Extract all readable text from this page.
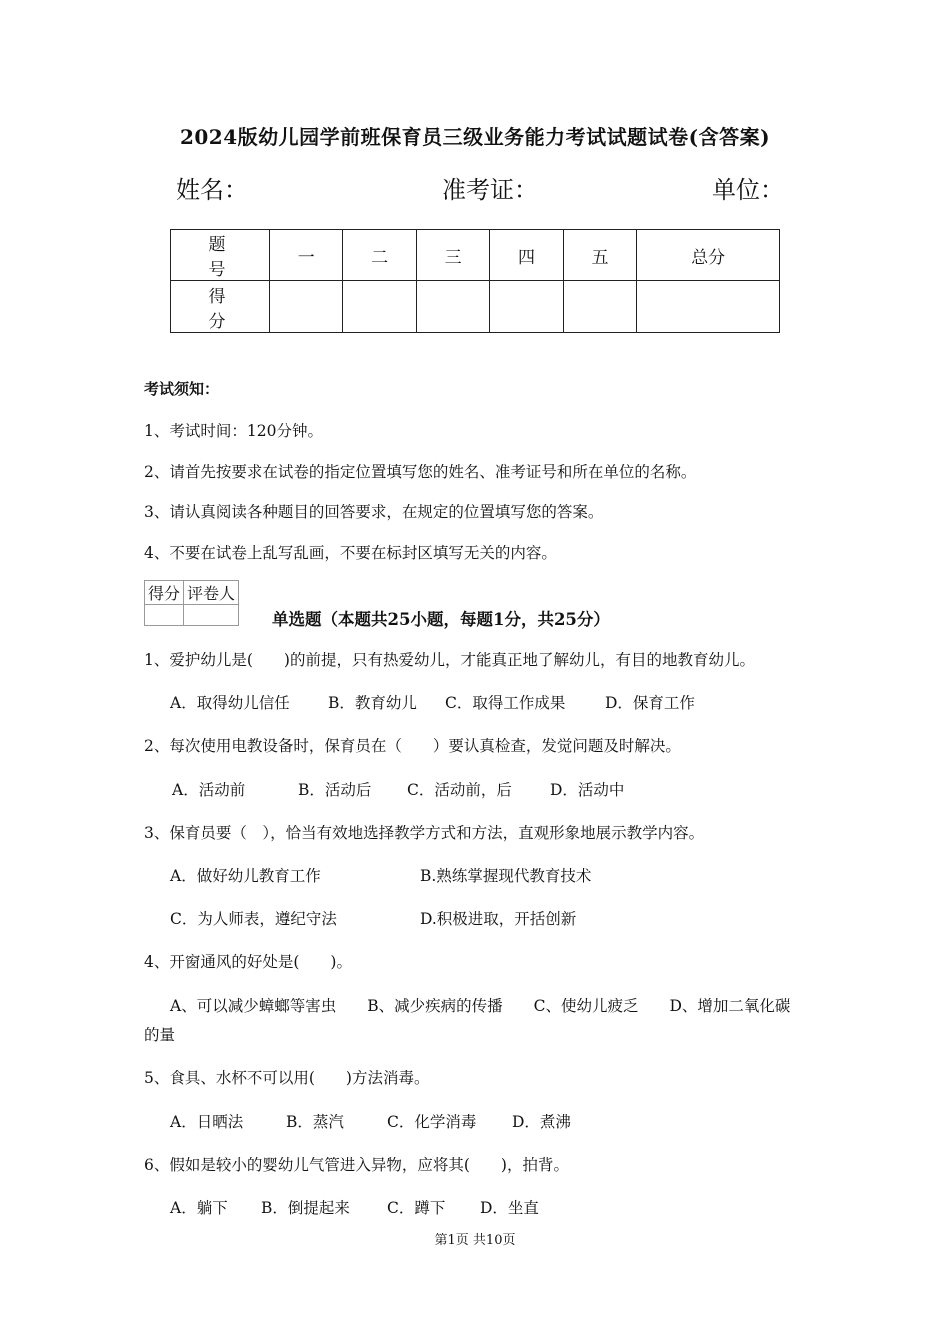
2024版幼儿园学前班保育员三级业务能力考试试题试卷(含答案)
姓名：	准考证：	单位：
题　号	一	二	三	四	五	总分
得　分						
考试须知：
1、考试时间：120分钟。
2、请首先按要求在试卷的指定位置填写您的姓名、准考证号和所在单位的名称。
3、请认真阅读各种题目的回答要求，在规定的位置填写您的答案。
4、不要在试卷上乱写乱画，不要在标封区填写无关的内容。
得分	评卷人

单选题（本题共25小题，每题1分，共25分）
1、爱护幼儿是(　　)的前提，只有热爱幼儿，才能真正地了解幼儿，有目的地教育幼儿。
A．取得幼儿信任 B．教育幼儿 C．取得工作成果	D．保育工作
2、每次使用电教设备时，保育员在（　　）要认真检查，发觉问题及时解决。
A．活动前	B．活动后 C．活动前，后 D．活动中
3、保育员要（　），恰当有效地选择教学方式和方法，直观形象地展示教学内容。
A．做好幼儿教育工作	B.熟练掌握现代教育技术
C．为人师表，遵纪守法	D.积极进取，开括创新
4、开窗通风的好处是(　　)。
A、可以减少蟑螂等害虫　　B、减少疾病的传播　　C、使幼儿疲乏　　D、增加二氧化碳
的量
5、食具、水杯不可以用(　　)方法消毒。
A．日晒法	B．蒸汽	C．化学消毒 D．煮沸
6、假如是较小的婴幼儿气管进入异物，应将其(　　)，拍背。
A．躺下 B．倒提起来 C．蹲下 D．坐直
第1页 共10页
